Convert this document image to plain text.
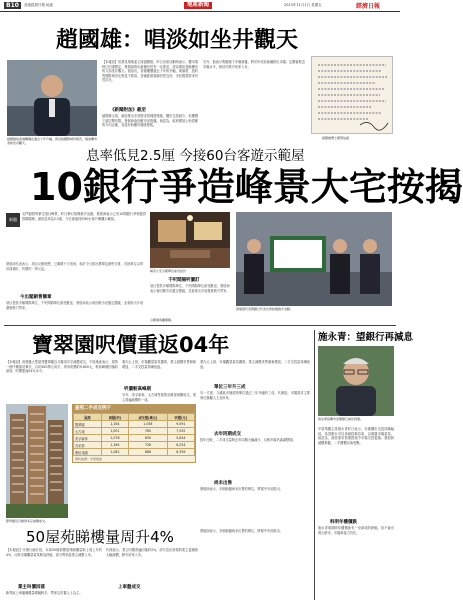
B10	香港經濟日報 地產	地產新聞	2013年11月1日 星期五	經濟日報
趙國雄：唱淡如坐井觀天
趙國雄指香港樓價在過去十年升幅，與其他國際城市相若，唱淡樓市者如坐井觀天。
【本報訊】恒基兆業地產主席趙國雄，昨日出席活動時表示，樓市現時已回復穩定，發展商推出新盤仍然有一定需求，認為唱淡香港樓市的人如坐井觀天。他指出，香港樓價過去十年的升幅，與倫敦、紐約等國際城市比較並不算高，香港經濟基調仍然良好，市民置業需求仍然存在。
《新聞附加》截至
趙國雄又指，政府推出多項需求管理措施後，樓市交投減少，但樓價下調空間有限，發展商會因應市況推盤。他認為，政府增加土地供應的方向正確，長遠有助樓市健康發展。
另外，他表示集團旗下多個新盤，將於年底前陸續推出市場，定價會貼近市場水平，相信可吸引用家入市。
趙國雄博士親筆信函
息率低見2.5厘 今接60台客遊示範屋
10銀行爭造峰景大宅按揭
新盤
屯門掃管笏豪宅項目峰景，昨日舉行按揭推介活動，發展商表示已有10間銀行爭相提供按揭服務，最低息率為2.5厘，今日會接待約60台客戶參觀示範屋。
發展商代表表示，項目反應理想，已累積不少查詢，預計今日推出價單及銷售安排，首批單位以實用面積計，呎價約一萬元起。
今出閣銷售簡章
項目提供多種間隔單位，千呎間隔單位最受歡迎，發展商表示會因應市況釐定價錢，並會推出多項優惠吸引買家。
峰景大宅示範單位室內設計
發展商代表與銀行代表出席按揭推介活動。
千呎間隔呎價訂
項目提供多種間隔單位，千呎間隔單位最受歡迎，發展商表示會因應市況釐定價錢，並會推出多項優惠吸引買家。
示範屋客廳間隔。
寶翠園呎價重返04年
【本報訊】西營盤大型屋苑寶翠園近月錄得多宗減價成交，中原地產表示，屋苑一個中層兩房單位，以約620萬元易手，實用呎價約9,800元，較高峰期回落約兩成，呎價重返04年水平。
業內人士指，市場觀望氣氛濃厚，業主減價求售個案增加，二手交投量持續低迷。
呎價較高峰期
另外，美孚新邨、太古城等屋苑亦錄得減價成交，業主普遍減價約一成。
屋苑二手成交例子
屋苑	面積(呎)	成交價(萬元)	呎價(元)
寶翠園	1,164	1,058	9,091
太古城	1,001	760	7,592
美孚新邨	1,078	630	5,844
杏花邨	1,164	728	6,254
康怡花園	1,082	688	6,359
資料來源：中原地產
寶翠園近月錄得多宗減價成交。
業內人士指，市場觀望氣氛濃厚，業主減價求售個案增加，二手交投量持續低迷。
單位三年升三成
另一方面，九龍區多個屋苑單位過去三年升幅約三成，代理指，市場需求主要來自換樓人士及用家。
去年同期成交
按年比較，二手成交量較去年同期大幅減少，反映市場仍處調整期。
尚未出售
發展商表示，多個新盤尚未出售的單位，將視乎市況推出。
施永青：望銀行再減息
施永青指樓市需要銀行減息刺激。
中原集團主席施永青昨日表示，本港樓市交投持續偏低，希望銀行可以再減按揭息率，以刺激市場氣氛。他認為，政府需求管理措施令市場交投萎縮，發展商減價推盤，二手樓價亦會受壓。
料明年樓價跌
施永青預期明年樓價會有一至兩成的跌幅，但不會出現大跌市，市場承接力仍在。
50屋苑睇樓量周升4%
【本報訊】代理行統計指，本周50個指標屋苑睇樓量較上周上升約4%，反映市場觀望氣氛稍為紓緩，部分買家趁業主減價入市。
業主叫價回落
代理表示，業主叫價普遍回落約5%，部分急於套現的業主更願意大幅減價，吸引用家入市。
上車盤成交
新界區上車盤睇樓量增幅較多，買家以首置人士為主。
發展商表示，多個新盤尚未出售的單位，將視乎市況推出。
